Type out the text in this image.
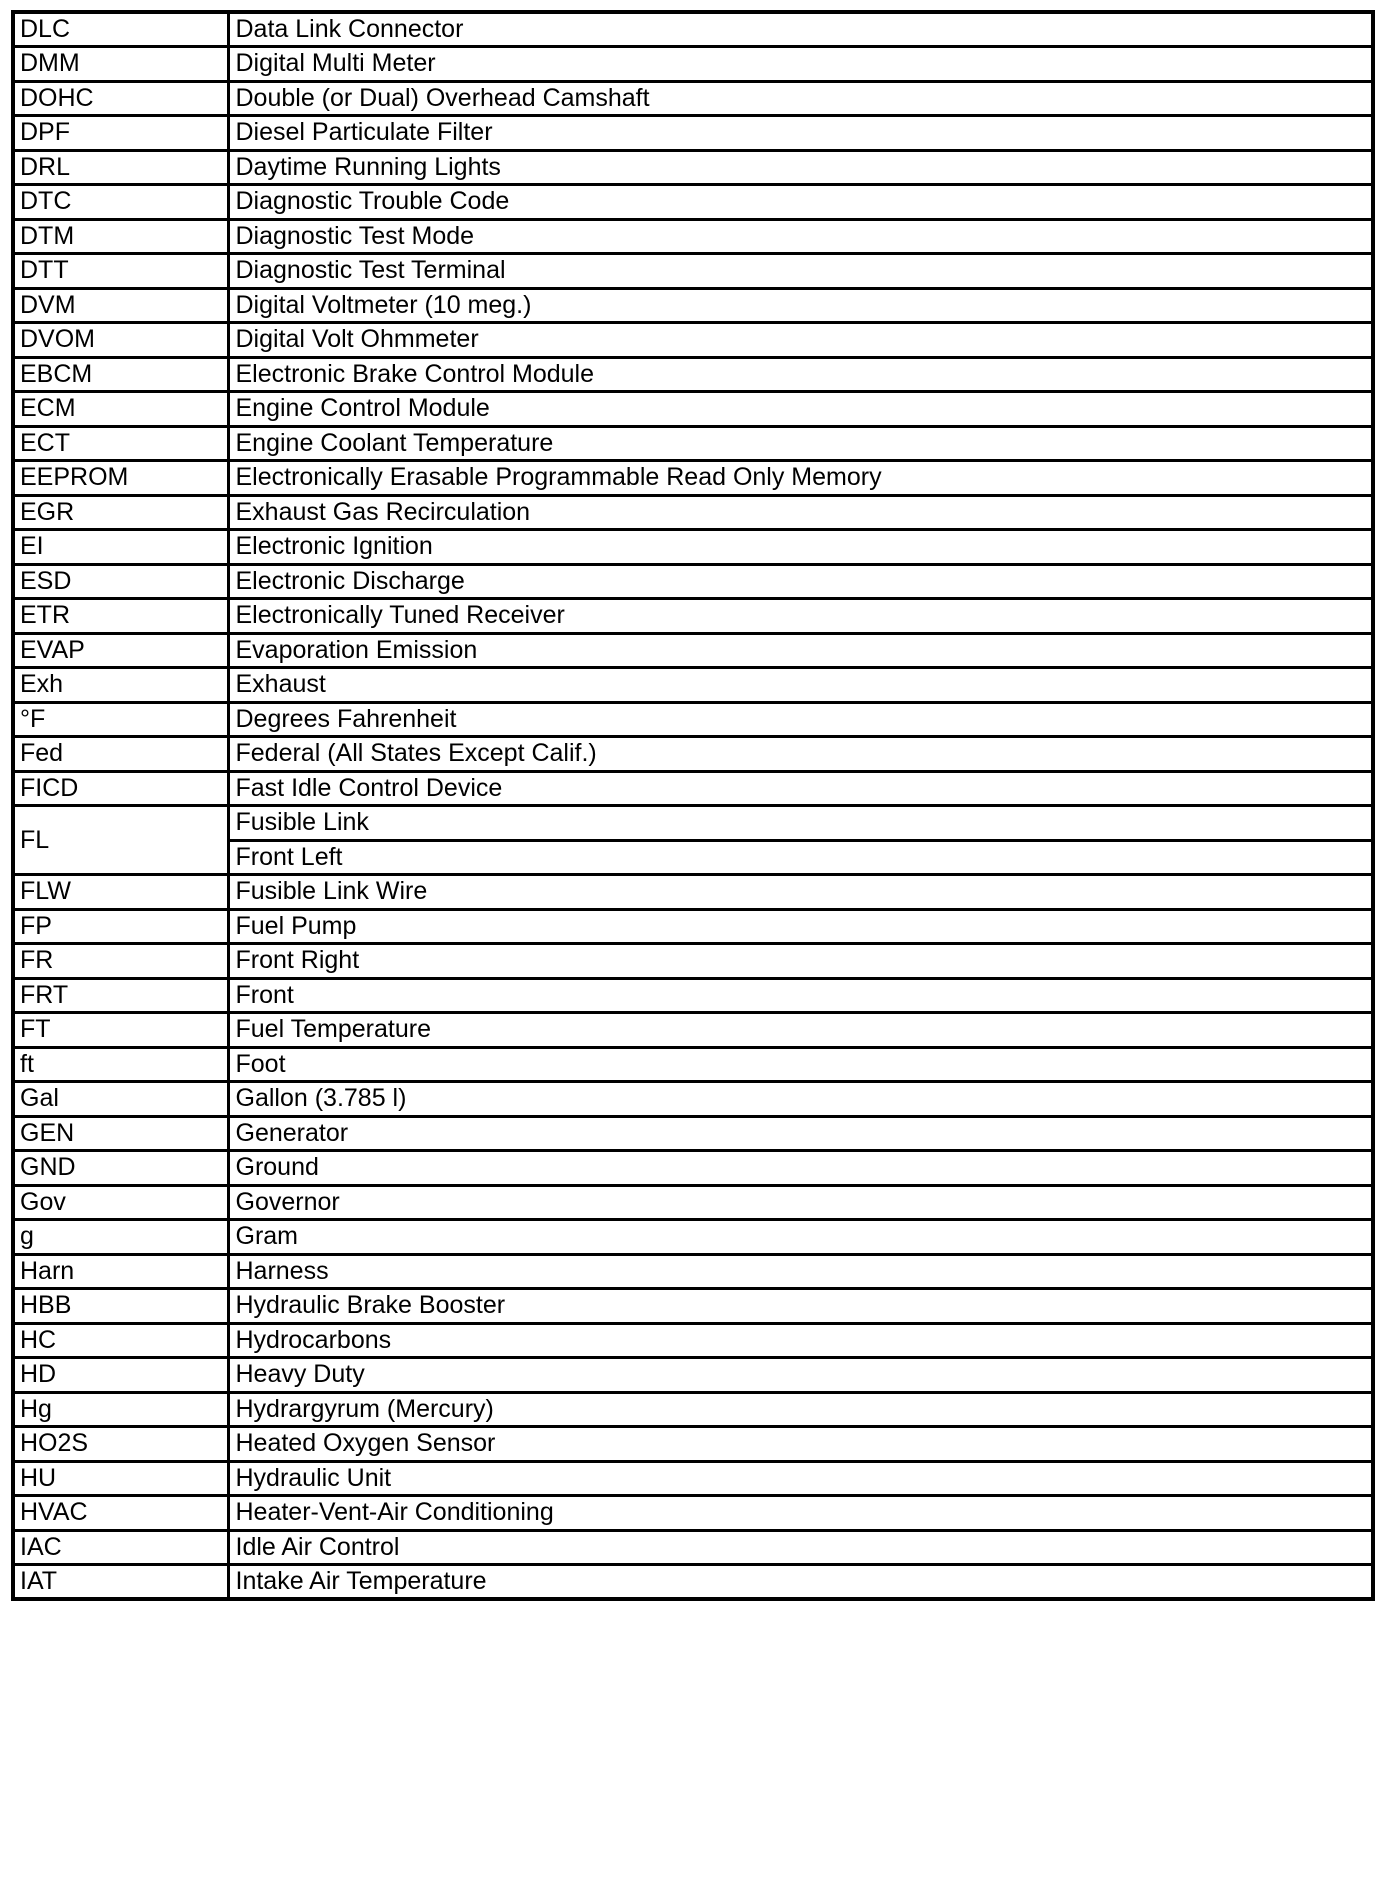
DLC	Data Link Connector
DMM	Digital Multi Meter
DOHC	Double (or Dual) Overhead Camshaft
DPF	Diesel Particulate Filter
DRL	Daytime Running Lights
DTC	Diagnostic Trouble Code
DTM	Diagnostic Test Mode
DTT	Diagnostic Test Terminal
DVM	Digital Voltmeter (10 meg.)
DVOM	Digital Volt Ohmmeter
EBCM	Electronic Brake Control Module
ECM	Engine Control Module
ECT	Engine Coolant Temperature
EEPROM	Electronically Erasable Programmable Read Only Memory
EGR	Exhaust Gas Recirculation
EI	Electronic Ignition
ESD	Electronic Discharge
ETR	Electronically Tuned Receiver
EVAP	Evaporation Emission
Exh	Exhaust
°F	Degrees Fahrenheit
Fed	Federal (All States Except Calif.)
FICD	Fast Idle Control Device
FL	Fusible Link
	Front Left
FLW	Fusible Link Wire
FP	Fuel Pump
FR	Front Right
FRT	Front
FT	Fuel Temperature
ft	Foot
Gal	Gallon (3.785 l)
GEN	Generator
GND	Ground
Gov	Governor
g	Gram
Harn	Harness
HBB	Hydraulic Brake Booster
HC	Hydrocarbons
HD	Heavy Duty
Hg	Hydrargyrum (Mercury)
HO2S	Heated Oxygen Sensor
HU	Hydraulic Unit
HVAC	Heater-Vent-Air Conditioning
IAC	Idle Air Control
IAT	Intake Air Temperature
